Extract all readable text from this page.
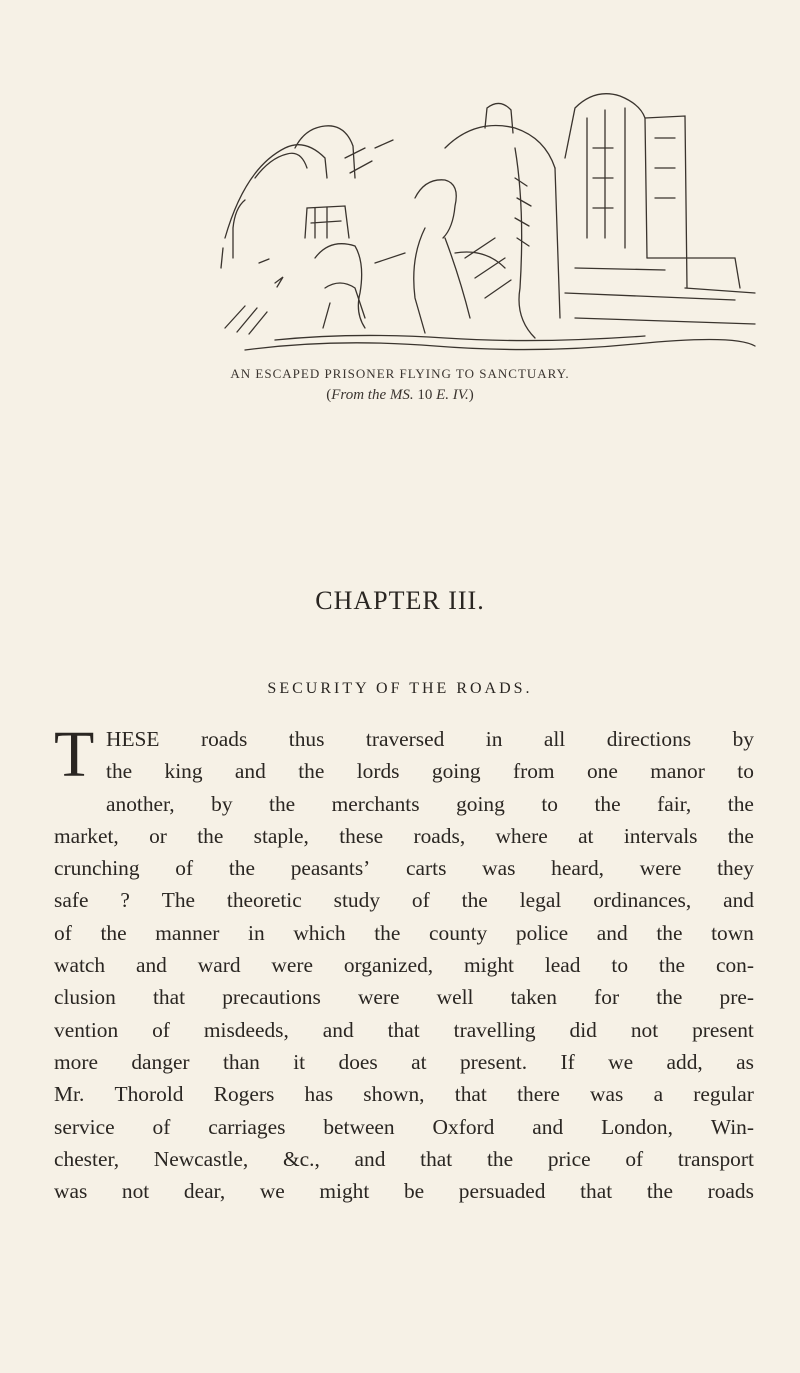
AN ESCAPED PRISONER FLYING TO SANCTUARY.
(From the MS. 10 E. IV.)
CHAPTER III.
SECURITY OF THE ROADS.
T HESE roads thus traversed in all directions by
the king and the lords going from one manor to
another, by the merchants going to the fair, the
market, or the staple, these roads, where at intervals the
crunching of the peasants’ carts was heard, were they
safe ? The theoretic study of the legal ordinances, and
of the manner in which the county police and the town
watch and ward were organized, might lead to the con-
clusion that precautions were well taken for the pre-
vention of misdeeds, and that travelling did not present
more danger than it does at present. If we add, as
Mr. Thorold Rogers has shown, that there was a regular
service of carriages between Oxford and London, Win-
chester, Newcastle, &c., and that the price of transport
was not dear, we might be persuaded that the roads
